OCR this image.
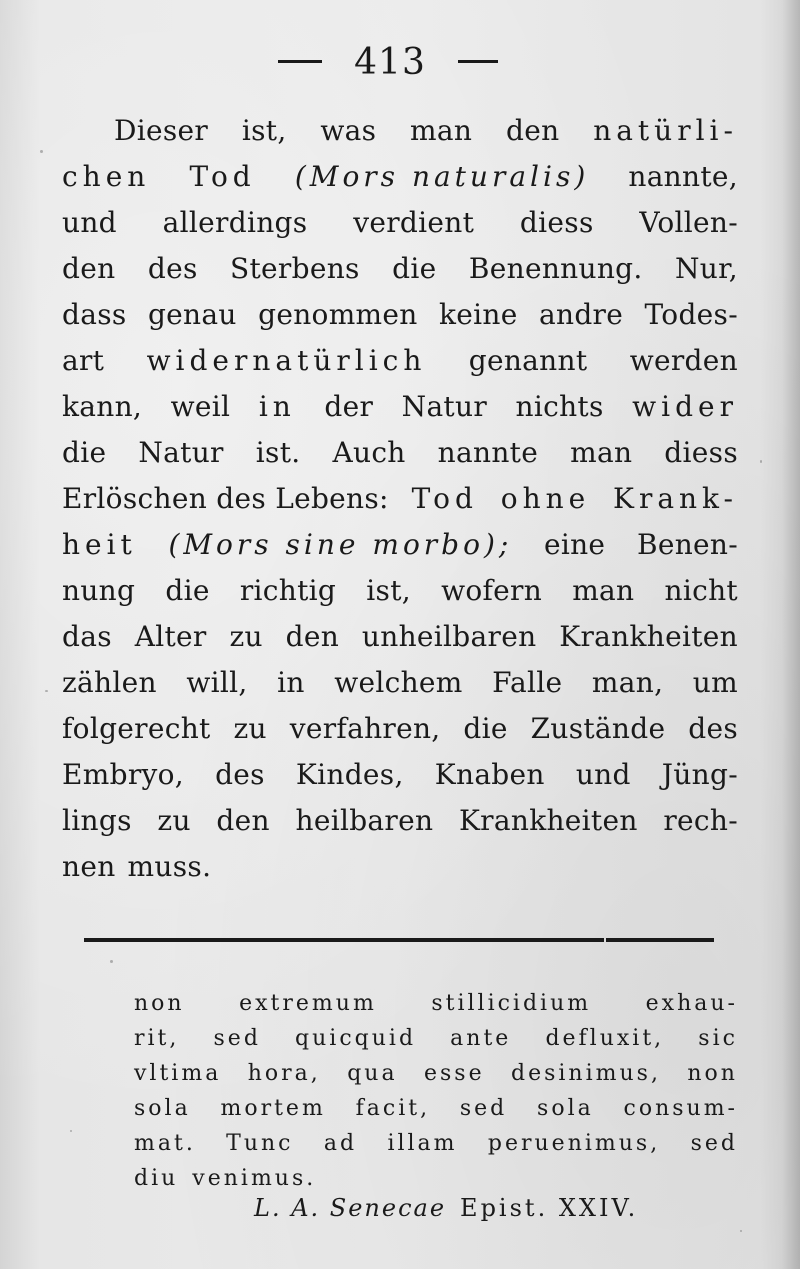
413
Dieser ist, was man den natürli-
chen Tod (Mors naturalis) nannte,
und allerdings verdient diess Vollen-
den des Sterbens die Benennung. Nur,
dass genau genommen keine andre Todes-
art widernatürlich genannt werden
kann, weil in der Natur nichts wider
die Natur ist. Auch nannte man diess
Erlöschen des Lebens: Tod ohne Krank-
heit (Mors sine morbo); eine Benen-
nung die richtig ist, wofern man nicht
das Alter zu den unheilbaren Krankheiten
zählen will, in welchem Falle man, um
folgerecht zu verfahren, die Zustände des
Embryo, des Kindes, Knaben und Jüng-
lings zu den heilbaren Krankheiten rech-
nen muss.
non extremum stillicidium exhau-
rit, sed quicquid ante defluxit, sic
vltima hora, qua esse desinimus, non
sola mortem facit, sed sola consum-
mat. Tunc ad illam peruenimus, sed
diu venimus.
L. A. Senecae Epist. XXIV.
